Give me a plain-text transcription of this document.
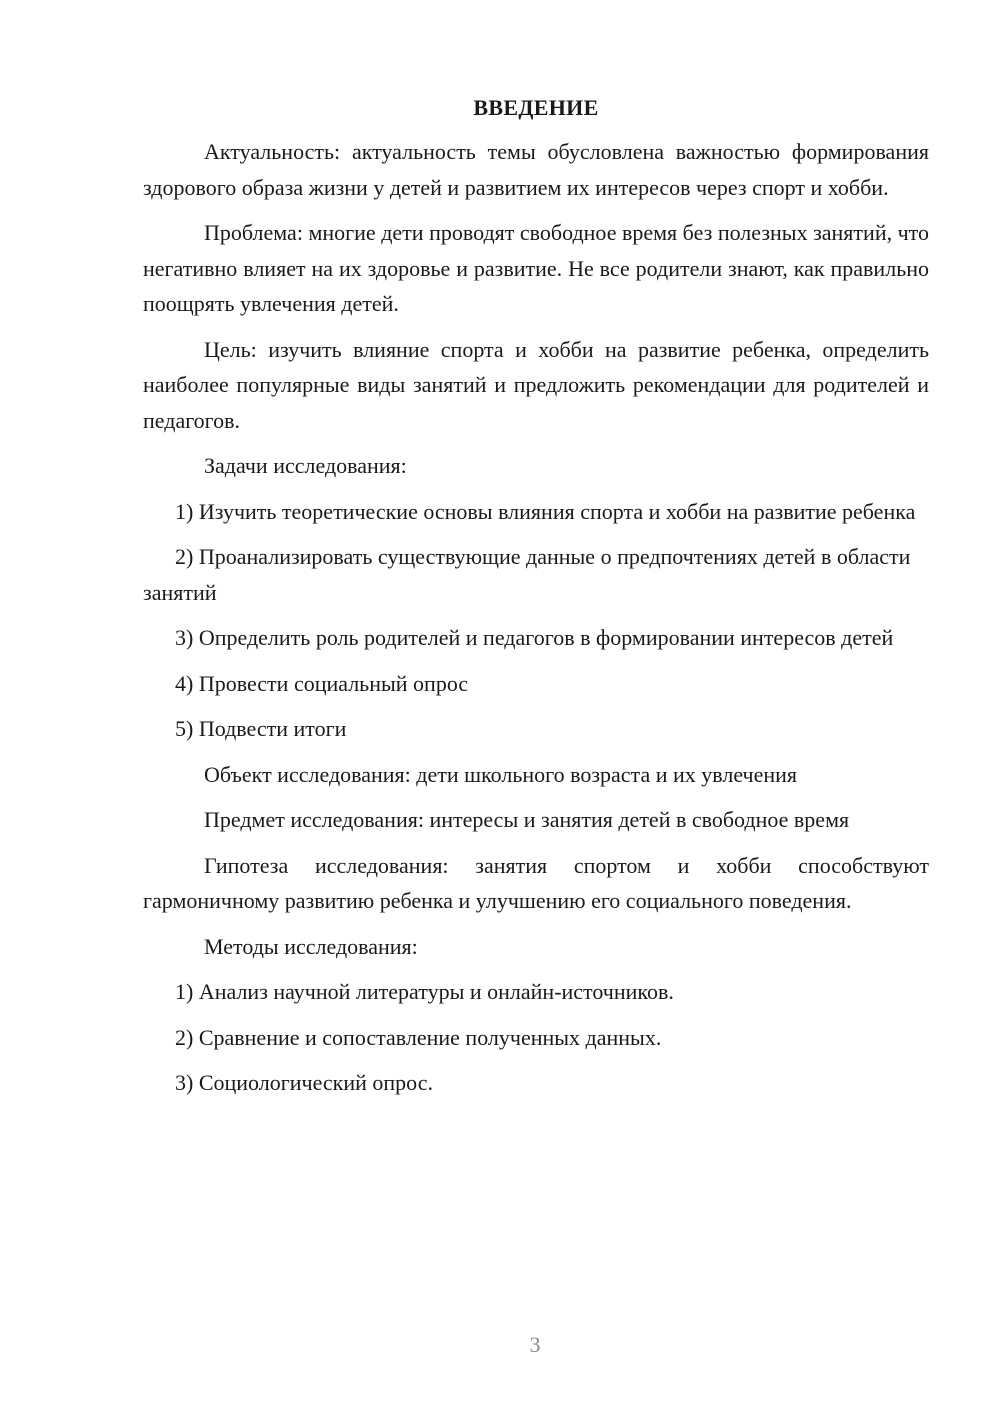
ВВЕДЕНИЕ

Актуальность: актуальность темы обусловлена важностью формирования здорового образа жизни у детей и развитием их интересов через спорт и хобби.

Проблема: многие дети проводят свободное время без полезных занятий, что негативно влияет на их здоровье и развитие. Не все родители знают, как правильно поощрять увлечения детей.

Цель: изучить влияние спорта и хобби на развитие ребенка, определить наиболее популярные виды занятий и предложить рекомендации для родителей и педагогов.

Задачи исследования:

1) Изучить теоретические основы влияния спорта и хобби на развитие ребенка

2) Проанализировать существующие данные о предпочтениях детей в области занятий

3) Определить роль родителей и педагогов в формировании интересов детей

4) Провести социальный опрос

5) Подвести итоги

Объект исследования: дети школьного возраста и их увлечения

Предмет исследования: интересы и занятия детей в свободное время

Гипотеза исследования: занятия спортом и хобби способствуют гармоничному развитию ребенка и улучшению его социального поведения.

Методы исследования:

1) Анализ научной литературы и онлайн-источников.

2) Сравнение и сопоставление полученных данных.

3) Социологический опрос.

3
